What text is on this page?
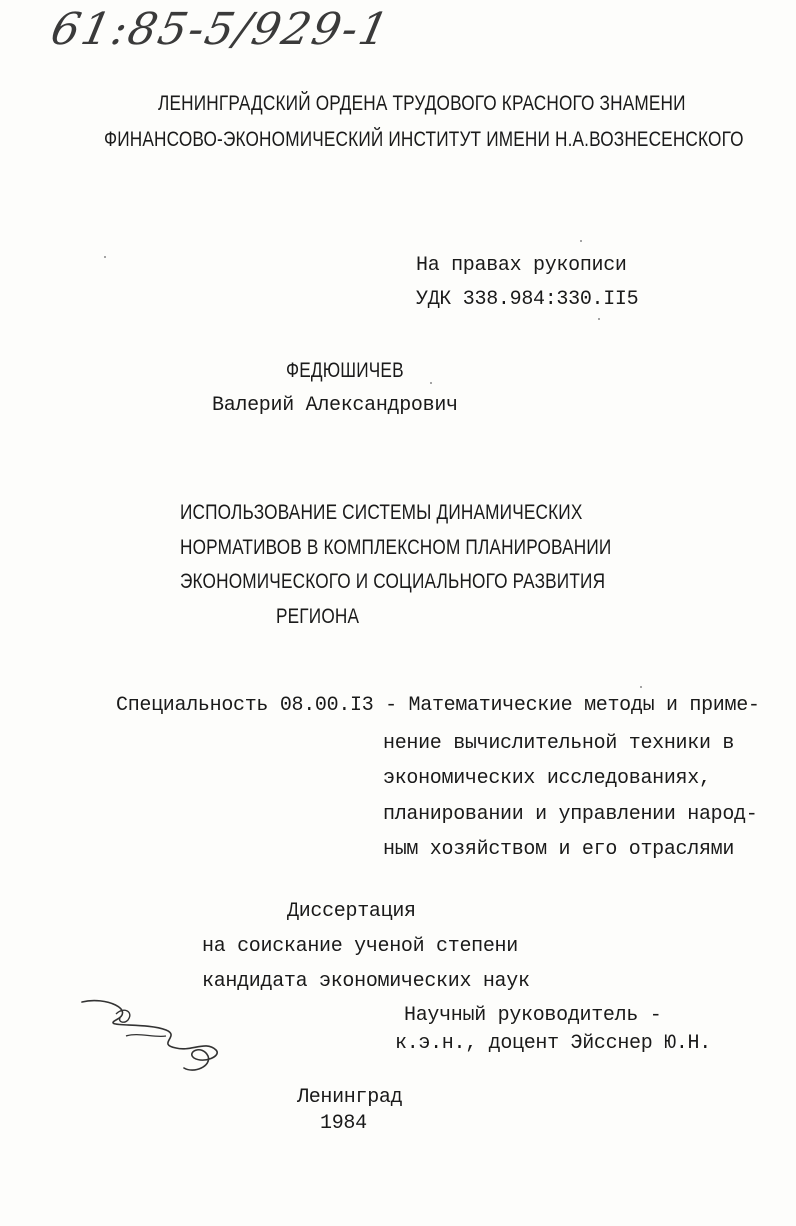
61:85-5/929-1
ЛЕНИНГРАДСКИЙ ОРДЕНА ТРУДОВОГО КРАСНОГО ЗНАМЕНИ
ФИНАНСОВО-ЭКОНОМИЧЕСКИЙ ИНСТИТУТ ИМЕНИ Н.А.ВОЗНЕСЕНСКОГО
На правах рукописи
УДК 338.984:330.II5
ФЕДЮШИЧЕВ
Валерий Александрович
ИСПОЛЬЗОВАНИЕ СИСТЕМЫ ДИНАМИЧЕСКИХ
НОРМАТИВОВ В КОМПЛЕКСНОМ ПЛАНИРОВАНИИ
ЭКОНОМИЧЕСКОГО И СОЦИАЛЬНОГО РАЗВИТИЯ
РЕГИОНА
Специальность 08.00.I3 - Математические методы и приме-
нение вычислительной техники в
экономических исследованиях,
планировании и управлении народ-
ным хозяйством и его отраслями
Диссертация
на соискание ученой степени
кандидата экономических наук
Научный руководитель -
к.э.н., доцент Эйсснер Ю.Н.
Ленинград
1984
